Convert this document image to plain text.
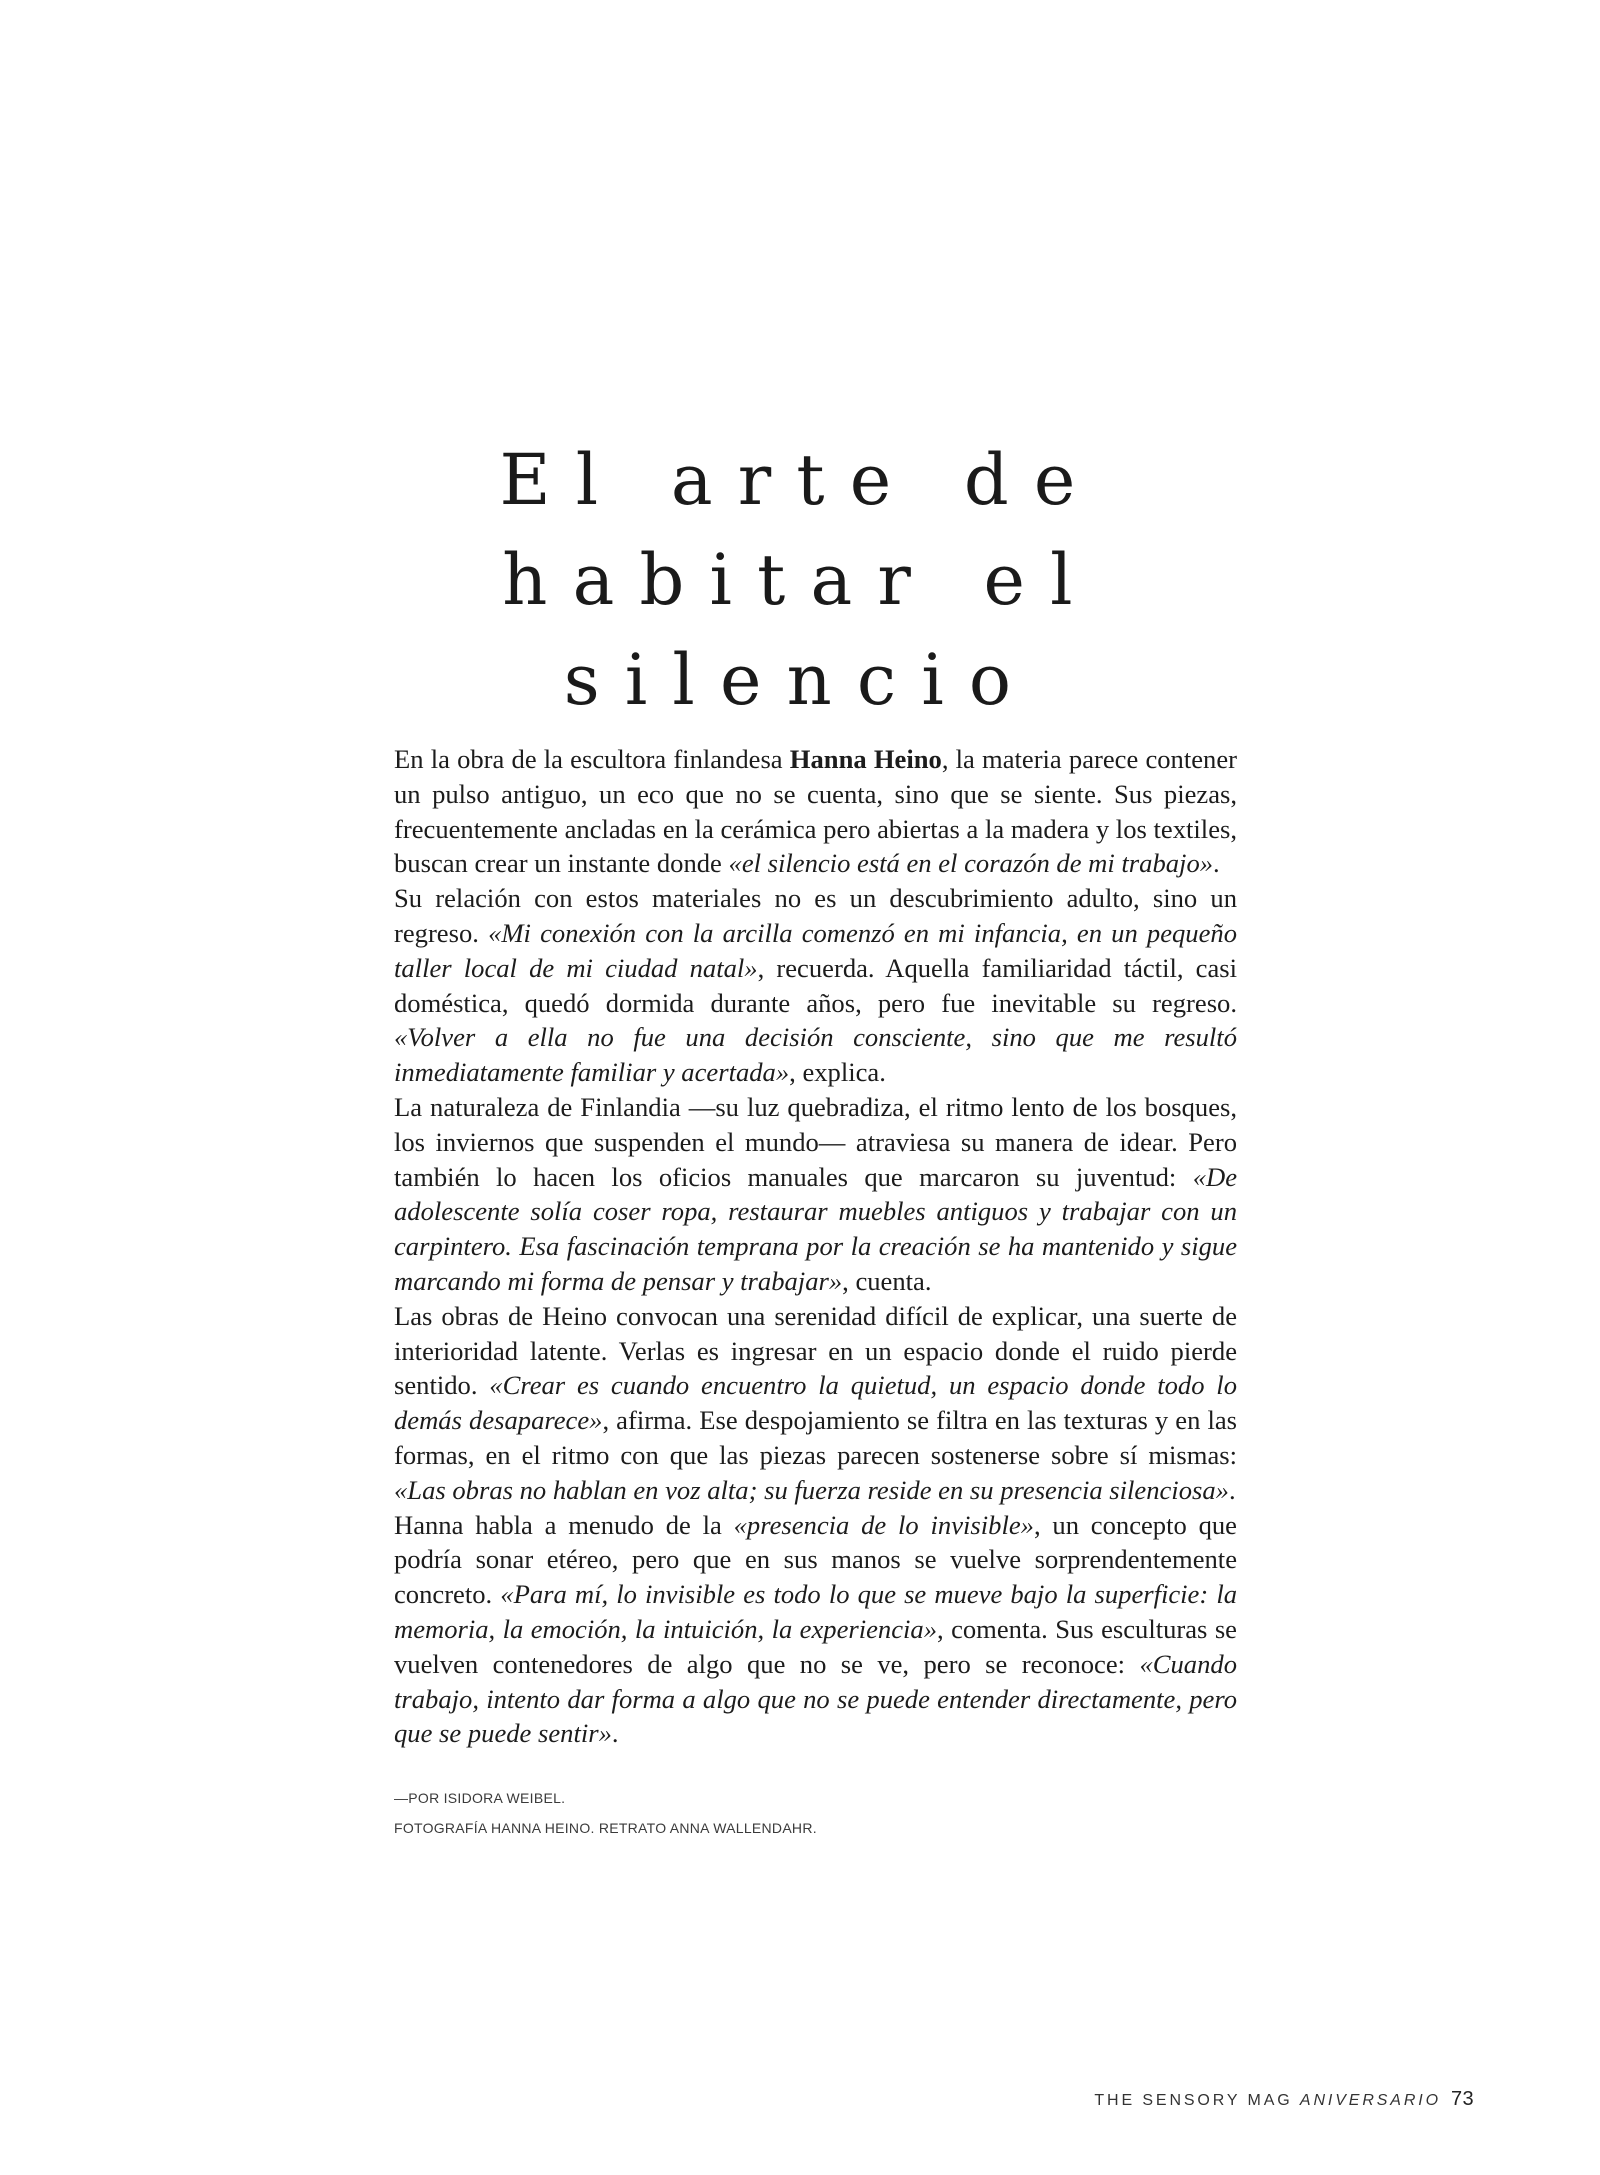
El arte de habitar el
silencio

En la obra de la escultora finlandesa Hanna Heino, la materia parece contener un pulso antiguo, un eco que no se cuenta, sino que se siente. Sus piezas, frecuentemente ancladas en la cerámica pero abiertas a la madera y los textiles, buscan crear un instante donde «el silencio está en el corazón de mi trabajo».

Su relación con estos materiales no es un descubrimiento adulto, sino un regreso. «Mi conexión con la arcilla comenzó en mi infancia, en un pequeño taller local de mi ciudad natal», recuerda. Aquella familiaridad táctil, casi doméstica, quedó dormida durante años, pero fue inevitable su regreso. «Volver a ella no fue una decisión consciente, sino que me resultó inmediatamente familiar y acertada», explica.

La naturaleza de Finlandia —su luz quebradiza, el ritmo lento de los bosques, los inviernos que suspenden el mundo— atraviesa su manera de idear. Pero también lo hacen los oficios manuales que marcaron su juventud: «De adolescente solía coser ropa, restaurar muebles antiguos y trabajar con un carpintero. Esa fascinación temprana por la creación se ha mantenido y sigue marcando mi forma de pensar y trabajar», cuenta.

Las obras de Heino convocan una serenidad difícil de explicar, una suerte de interioridad latente. Verlas es ingresar en un espacio donde el ruido pierde sentido. «Crear es cuando encuentro la quietud, un espacio donde todo lo demás desaparece», afirma. Ese despojamiento se filtra en las texturas y en las formas, en el ritmo con que las piezas parecen sostenerse sobre sí mismas: «Las obras no hablan en voz alta; su fuerza reside en su presencia silenciosa».

Hanna habla a menudo de la «presencia de lo invisible», un concepto que podría sonar etéreo, pero que en sus manos se vuelve sorprendentemente concreto. «Para mí, lo invisible es todo lo que se mueve bajo la superficie: la memoria, la emoción, la intuición, la experiencia», comenta. Sus esculturas se vuelven contenedores de algo que no se ve, pero se reconoce: «Cuando trabajo, intento dar forma a algo que no se puede entender directamente, pero que se puede sentir».

—POR ISIDORA WEIBEL.
FOTOGRAFÍA HANNA HEINO. RETRATO ANNA WALLENDAHR.
THE SENSORY MAG ANIVERSARIO 73
